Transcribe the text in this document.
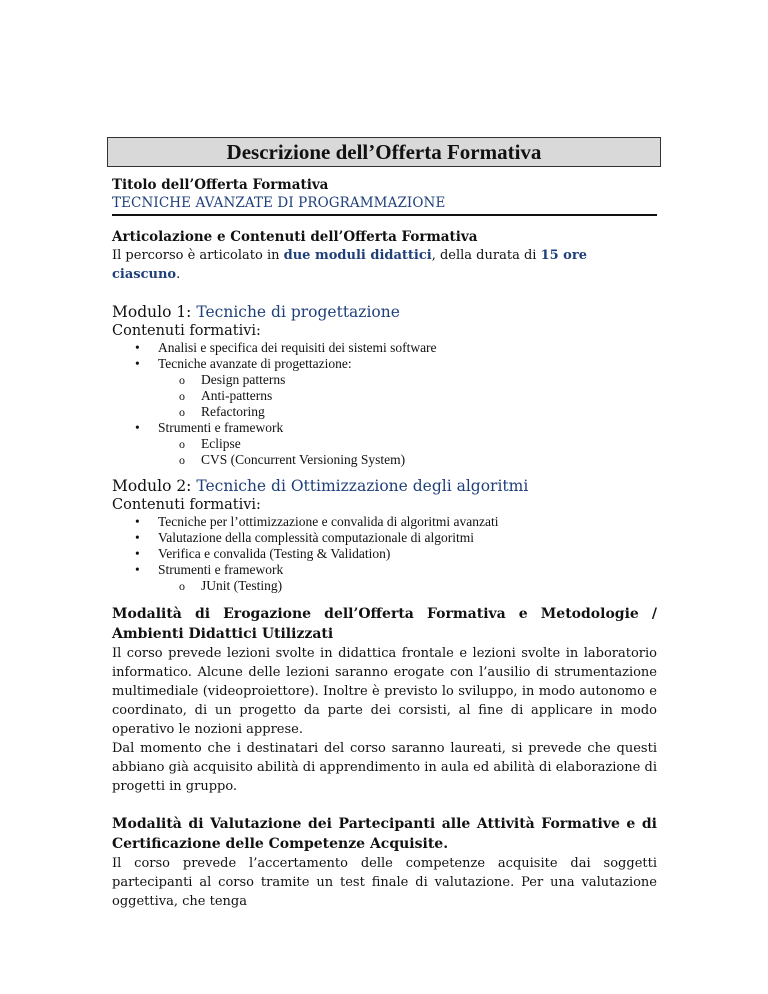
Descrizione dell’Offerta Formativa
Titolo dell’Offerta Formativa
TECNICHE AVANZATE DI PROGRAMMAZIONE
Articolazione e Contenuti dell’Offerta Formativa
Il percorso è articolato in due moduli didattici, della durata di 15 ore ciascuno.
Modulo 1: Tecniche di progettazione
Contenuti formativi:
• Analisi e specifica dei requisiti dei sistemi software
• Tecniche avanzate di progettazione:
o Design patterns
o Anti-patterns
o Refactoring
• Strumenti e framework
o Eclipse
o CVS (Concurrent Versioning System)
Modulo 2: Tecniche di Ottimizzazione degli algoritmi
Contenuti formativi:
• Tecniche per l’ottimizzazione e convalida di algoritmi avanzati
• Valutazione della complessità computazionale di algoritmi
• Verifica e convalida (Testing & Validation)
• Strumenti e framework
o JUnit (Testing)
Modalità di Erogazione dell’Offerta Formativa e Metodologie / Ambienti Didattici Utilizzati
Il corso prevede lezioni svolte in didattica frontale e lezioni svolte in laboratorio informatico. Alcune delle lezioni saranno erogate con l’ausilio di strumentazione multimediale (videoproiettore). Inoltre è previsto lo sviluppo, in modo autonomo e coordinato, di un progetto da parte dei corsisti, al fine di applicare in modo operativo le nozioni apprese.
Dal momento che i destinatari del corso saranno laureati, si prevede che questi abbiano già acquisito abilità di apprendimento in aula ed abilità di elaborazione di progetti in gruppo.
Modalità di Valutazione dei Partecipanti alle Attività Formative e di Certificazione delle Competenze Acquisite.
Il corso prevede l’accertamento delle competenze acquisite dai soggetti partecipanti al corso tramite un test finale di valutazione. Per una valutazione oggettiva, che tenga
